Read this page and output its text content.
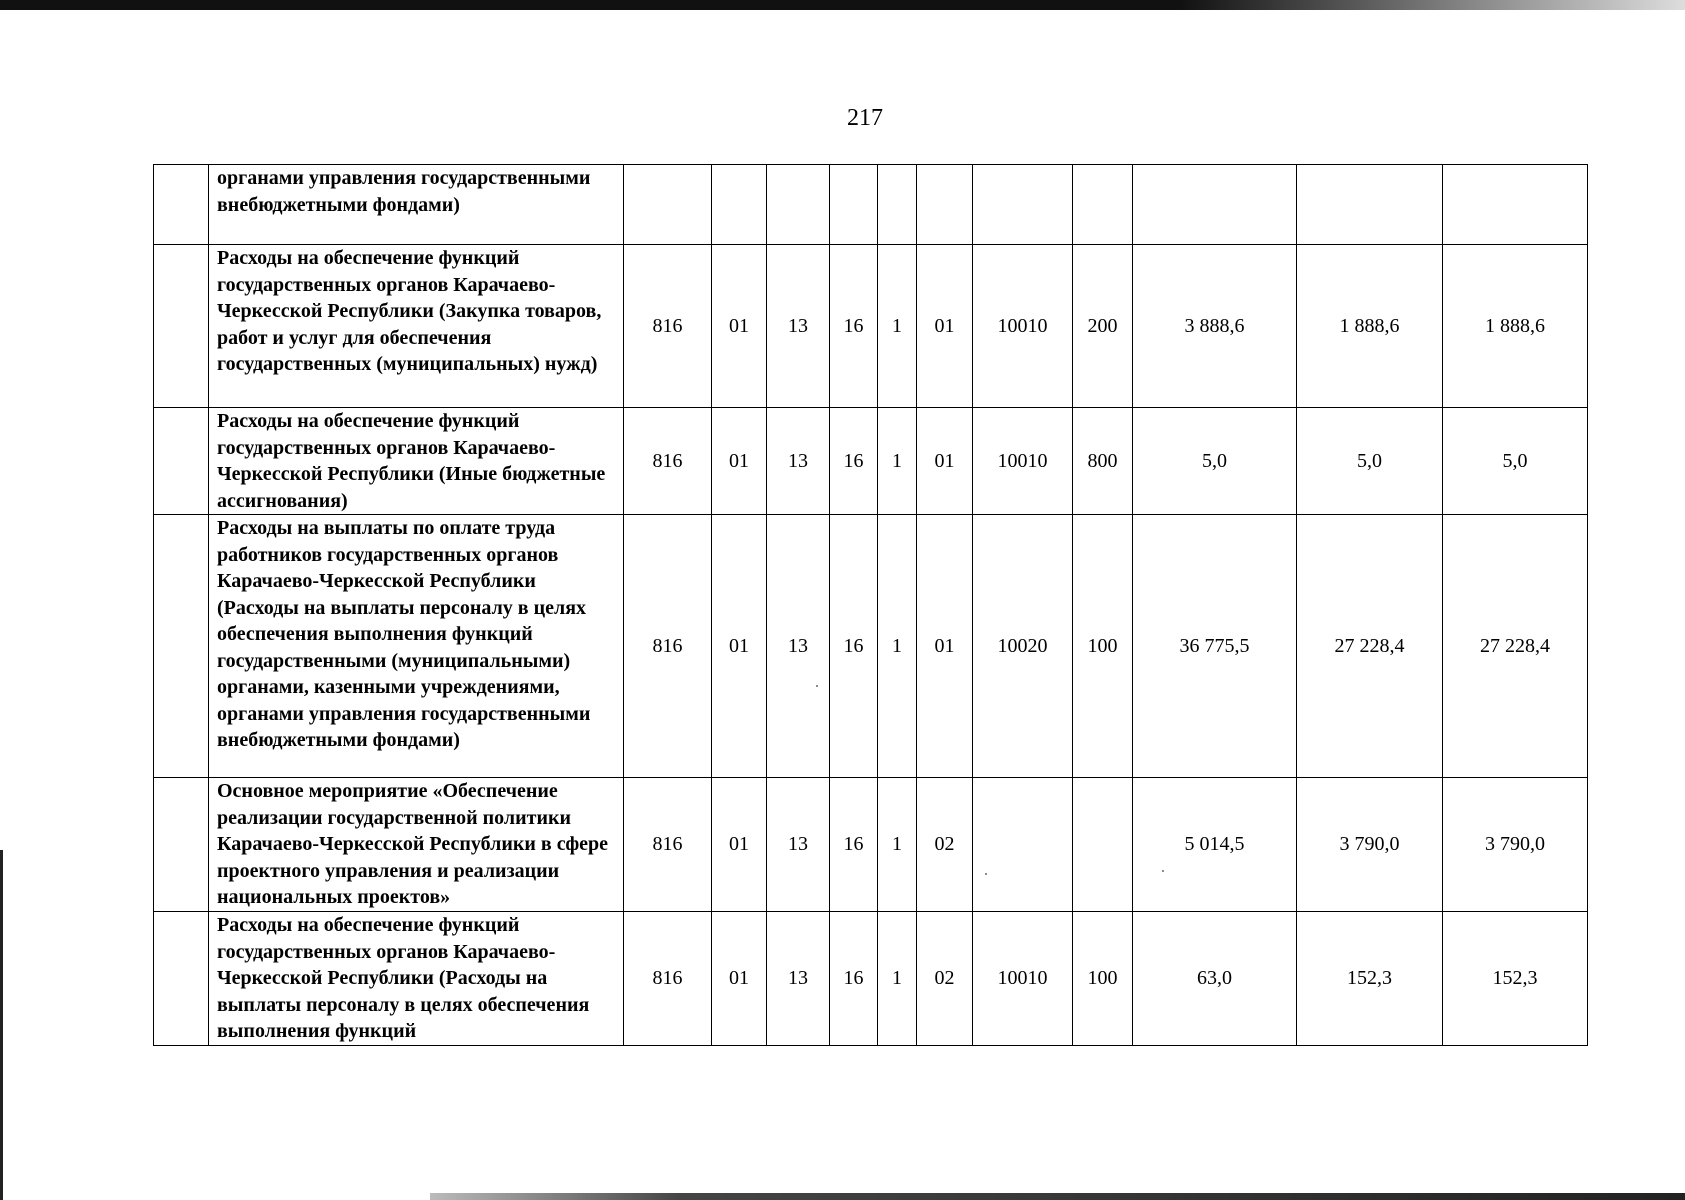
217
	органами управления государственными внебюджетными фондами)											
	Расходы на обеспечение функций государственных органов Карачаево-Черкесской Республики (Закупка товаров, работ и услуг для обеспечения государственных (муниципальных) нужд)	816	01	13	16	1	01	10010	200	3 888,6	1 888,6	1 888,6
	Расходы на обеспечение функций государственных органов Карачаево-Черкесской Республики (Иные бюджетные ассигнования)	816	01	13	16	1	01	10010	800	5,0	5,0	5,0
	Расходы на выплаты по оплате труда работников государственных органов Карачаево-Черкесской Республики (Расходы на выплаты персоналу в целях обеспечения выполнения функций государственными (муниципальными) органами, казенными учреждениями, органами управления государственными внебюджетными фондами)	816	01	13	16	1	01	10020	100	36 775,5	27 228,4	27 228,4
	Основное мероприятие «Обеспечение реализации государственной политики Карачаево-Черкесской Республики в сфере проектного управления и реализации национальных проектов»	816	01	13	16	1	02			5 014,5	3 790,0	3 790,0
	Расходы на обеспечение функций государственных органов Карачаево-Черкесской Республики (Расходы на выплаты персоналу в целях обеспечения выполнения функций	816	01	13	16	1	02	10010	100	63,0	152,3	152,3
